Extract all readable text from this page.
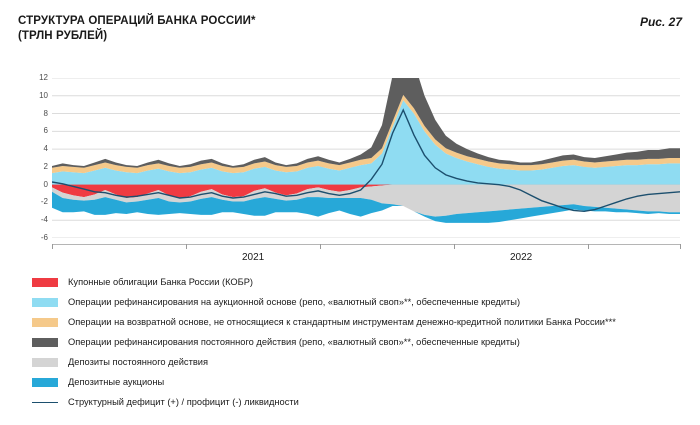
СТРУКТУРА ОПЕРАЦИЙ БАНКА РОССИИ*
(ТРЛН РУБЛЕЙ)
Рис. 27
-6
-4
-2
0
2
4
6
8
10
12
2021	2022
Купонные облигации Банка России (КОБР)
Операции рефинансирования на аукционной основе (репо, «валютный своп»**, обеспеченные кредиты)
Операции на возвратной основе, не относящиеся к стандартным инструментам денежно-кредитной политики Банка России***
Операции рефинансирования постоянного действия (репо, «валютный своп»**, обеспеченные кредиты)
Депозиты постоянного действия
Депозитные аукционы
Структурный дефицит (+) / профицит (-) ликвидности
